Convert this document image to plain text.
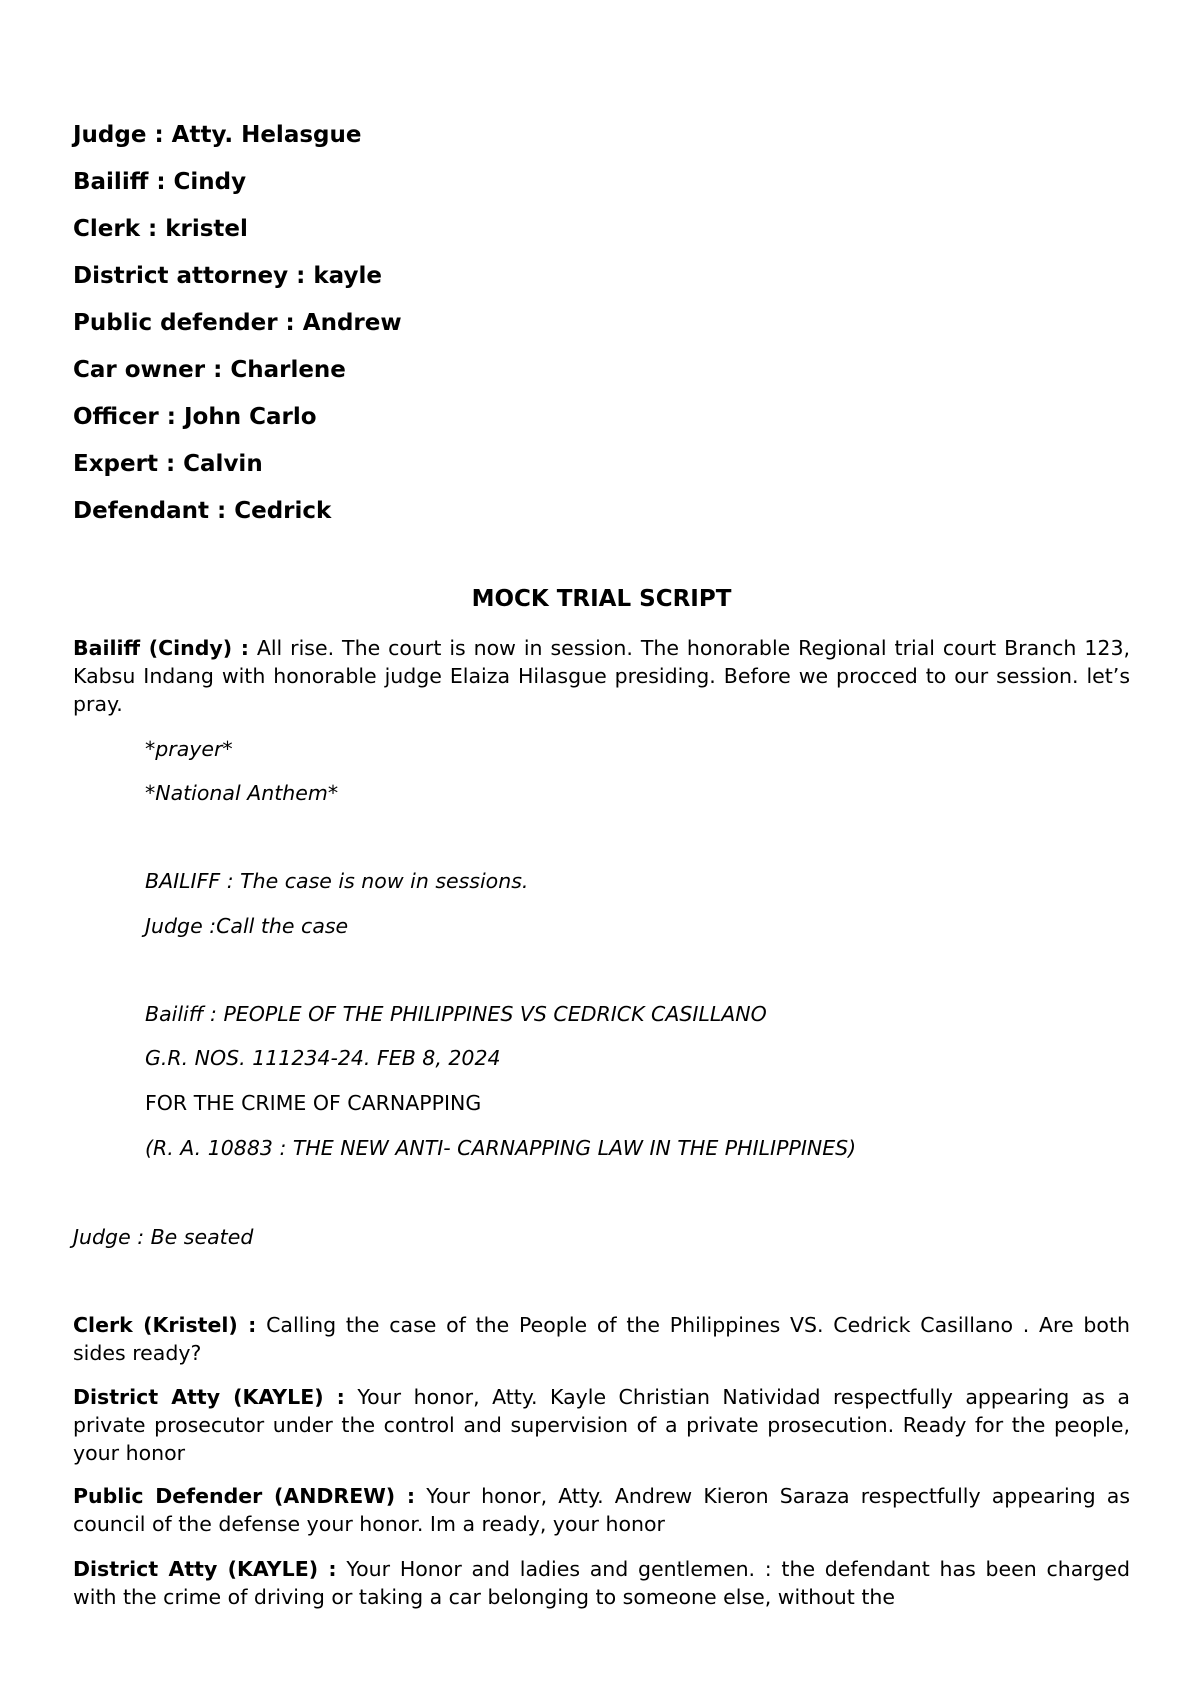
Judge : Atty. Helasgue
Bailiff : Cindy
Clerk : kristel
District attorney : kayle
Public defender : Andrew
Car owner : Charlene
Officer : John Carlo
Expert : Calvin
Defendant : Cedrick
MOCK TRIAL SCRIPT
Bailiff (Cindy) : All rise. The court is now in session. The honorable Regional trial court Branch 123, Kabsu Indang with honorable judge Elaiza Hilasgue presiding. Before we procced to our session. let’s pray.
*prayer*
*National Anthem*
BAILIFF : The case is now in sessions.
Judge :Call the case
Bailiff : PEOPLE OF THE PHILIPPINES VS CEDRICK CASILLANO
G.R. NOS. 111234-24. FEB 8, 2024
FOR THE CRIME OF CARNAPPING
(R. A. 10883 : THE NEW ANTI- CARNAPPING LAW IN THE PHILIPPINES)
Judge : Be seated
Clerk (Kristel) : Calling the case of the People of the Philippines VS. Cedrick Casillano . Are both sides ready?
District Atty (KAYLE) : Your honor, Atty. Kayle Christian Natividad respectfully appearing as a private prosecutor under the control and supervision of a private prosecution. Ready for the people, your honor
Public Defender (ANDREW) : Your honor, Atty. Andrew Kieron Saraza respectfully appearing as council of the defense your honor. Im a ready, your honor
District Atty (KAYLE) : Your Honor and ladies and gentlemen. : the defendant has been charged with the crime of driving or taking a car belonging to someone else, without the
